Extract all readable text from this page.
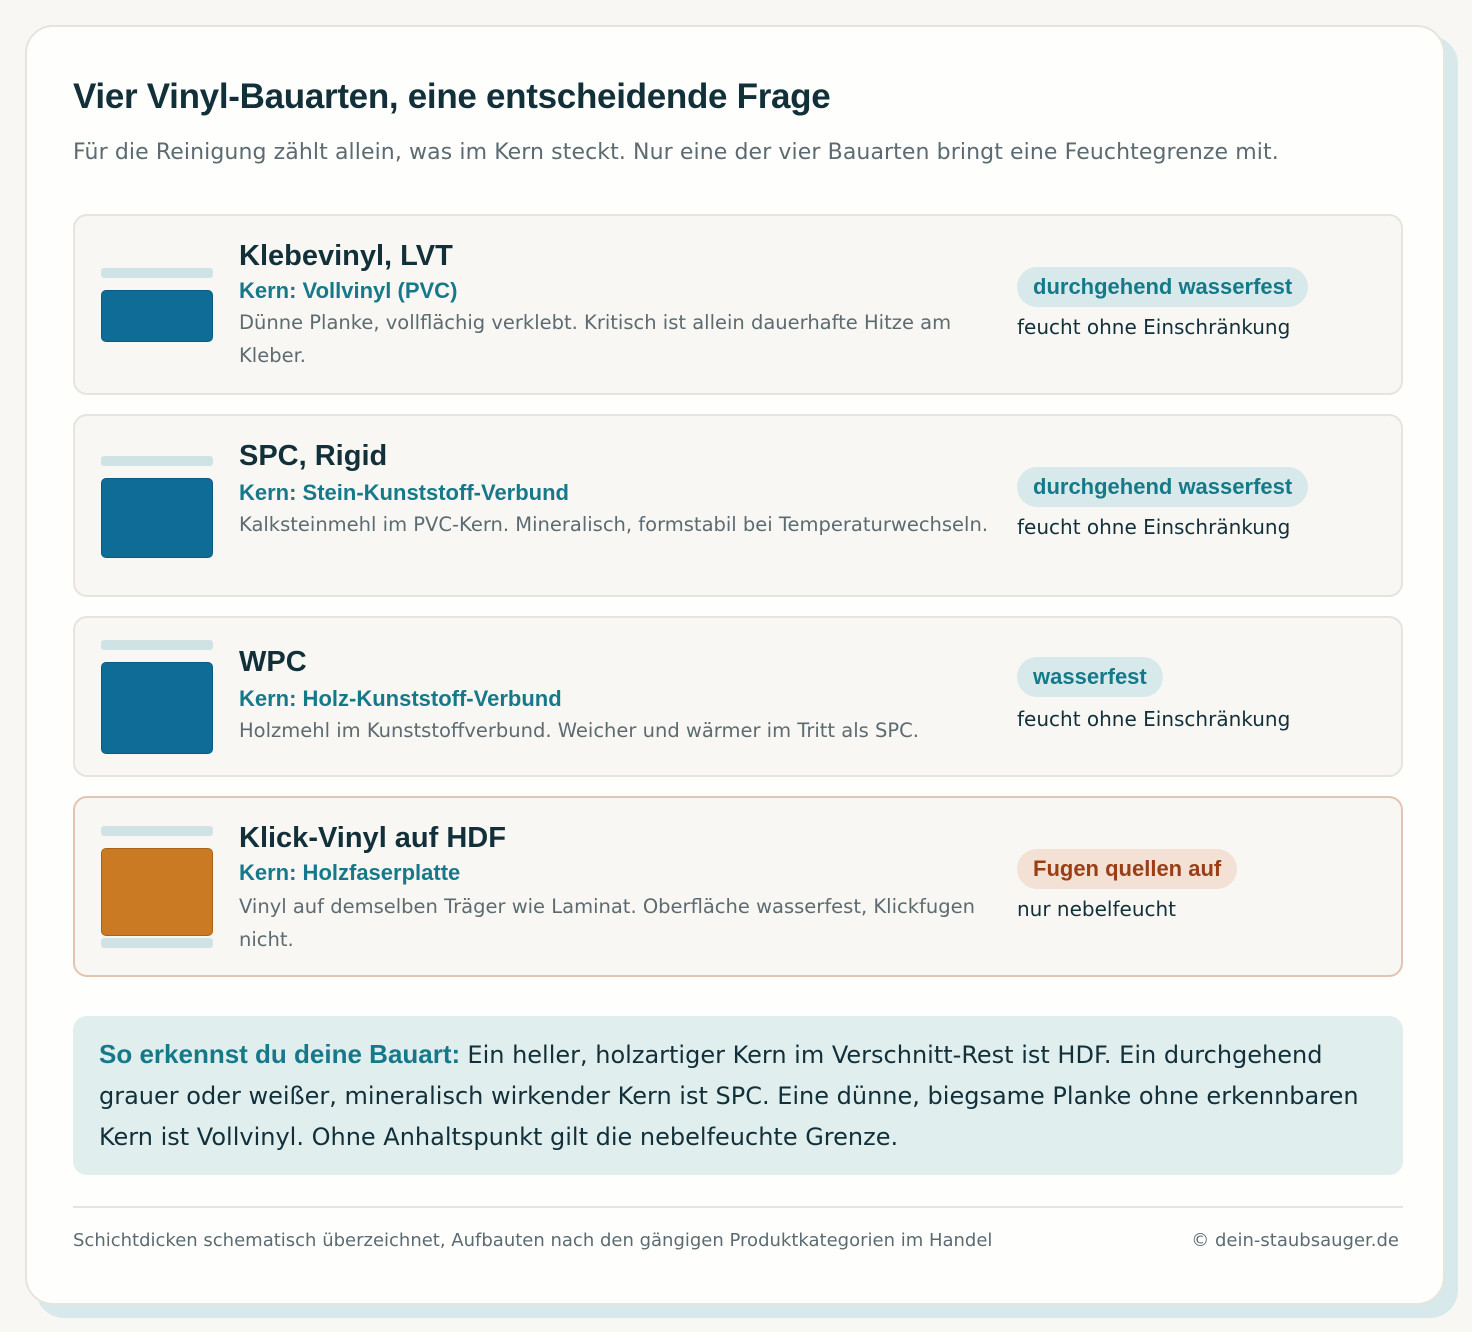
Vier Vinyl-Bauarten, eine entscheidende Frage
Für die Reinigung zählt allein, was im Kern steckt. Nur eine der vier Bauarten bringt eine Feuchtegrenze mit.
Klebevinyl, LVT
Kern: Vollvinyl (PVC)
Dünne Planke, vollflächig verklebt. Kritisch ist allein dauerhafte Hitze am Kleber.
durchgehend wasserfest
feucht ohne Einschränkung
SPC, Rigid
Kern: Stein-Kunststoff-Verbund
Kalksteinmehl im PVC-Kern. Mineralisch, formstabil bei Temperaturwechseln.
durchgehend wasserfest
feucht ohne Einschränkung
WPC
Kern: Holz-Kunststoff-Verbund
Holzmehl im Kunststoffverbund. Weicher und wärmer im Tritt als SPC.
wasserfest
feucht ohne Einschränkung
Klick-Vinyl auf HDF
Kern: Holzfaserplatte
Vinyl auf demselben Träger wie Laminat. Oberfläche wasserfest, Klickfugen nicht.
Fugen quellen auf
nur nebelfeucht
So erkennst du deine Bauart: Ein heller, holzartiger Kern im Verschnitt-Rest ist HDF. Ein durchgehend grauer oder weißer, mineralisch wirkender Kern ist SPC. Eine dünne, biegsame Planke ohne erkennbaren Kern ist Vollvinyl. Ohne Anhaltspunkt gilt die nebelfeuchte Grenze.
Schichtdicken schematisch überzeichnet, Aufbauten nach den gängigen Produktkategorien im Handel	© dein-staubsauger.de
